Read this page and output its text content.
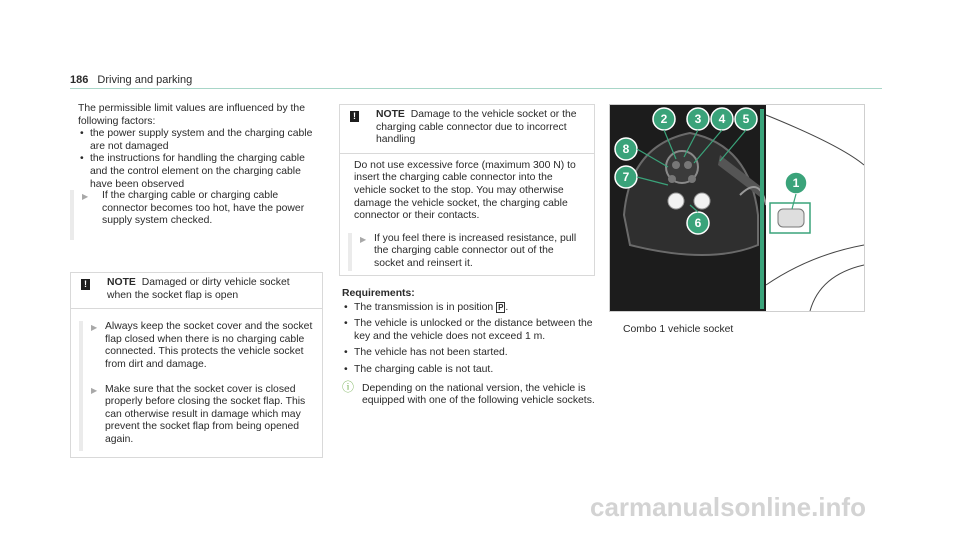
186 Driving and parking

The permissible limit values are influenced by the following factors:

• the power supply system and the charging cable are not damaged
• the instructions for handling the charging cable and the control element on the charging cable have been observed
▶ If the charging cable or charging cable connector becomes too hot, have the power supply system checked.
! NOTE Damaged or dirty vehicle socket when the socket flap is open
▶ Always keep the socket cover and the socket flap closed when there is no charging cable connected. This protects the vehicle socket from dirt and damage.
▶ Make sure that the socket cover is closed properly before closing the socket flap. This can otherwise result in damage which may prevent the socket flap from being opened again.
! NOTE Damage to the vehicle socket or the charging cable connector due to incorrect handling
Do not use excessive force (maximum 300 N) to insert the charging cable connector into the vehicle socket to the stop. You may otherwise damage the vehicle socket, the charging cable connector or their contacts.
▶ If you feel there is increased resistance, pull the charging cable connector out of the socket and reinsert it.

Requirements:

• The transmission is in position P .
• The vehicle is unlocked or the distance between the key and the vehicle does not exceed 1 m.
• The vehicle has not been started.
• The charging cable is not taut.
ⓘ Depending on the national version, the vehicle is equipped with one of the following vehicle sockets.
1
2 3 4 5
6
7
8
Combo 1 vehicle socket
carmanualsonline.info
